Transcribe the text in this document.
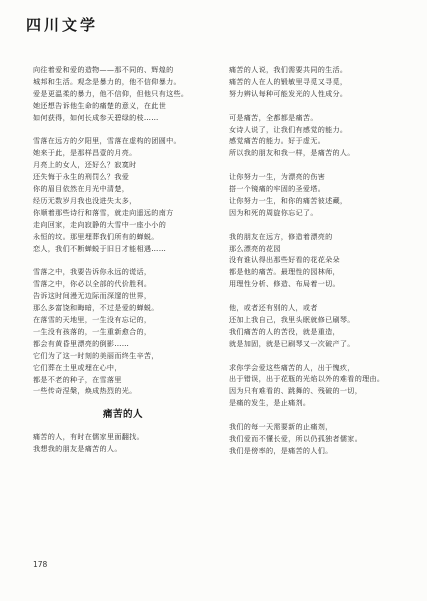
四川文学
向往着爱和爱的造物——那不同的、辉煌的
城邦和生活。观念是暴力的，他不信仰暴力。
爱是更温柔的暴力，他不信仰，但他只有这些。
她还想告诉他生命的痛楚的意义，在此世
如何获得，如何长成参天碧绿的枝……
雪落在远方的夕阳里，雪落在虚构的团圆中。
她来于此，是那样昌壹的月亮。
月亮上的女人，还好么？寂寞时
还失悔于永生的刑罚么？我爱
你的眉目依然在月光中清楚，
经历无数岁月我也没进失太多，
你顺着那些诗行和落雪，就走向遥远的南方
走向回家，走向寂静的大雪中一座小小的
永恒的坟。那里埋葬我们所有的蝉蜕。
恋人，我们不断蝉蜕于旧日才能相遇……
雪落之中，我要告诉你永远的谎话，
雪落之中，你必以全部的代价胜利。
告诉这时间漫无边际而深邃的世界，
那么多富饶和晦暗，不过是爱的蝉蜕。
在落雪的天地里，一生没有忘记的，
一生没有孩落的，一生重新愈合的，
都会有黄昏里漂亮的倒影……
它们为了这一时刻的美丽而终生辛苦，
它们葬在土里或埋在心中，
都是不老的种子，在雪落里
一些传奇涅槃，焕成热烈的光。
痛苦的人
痛苦的人，有时在儒家里面翻找。
我想我的朋友是痛苦的人。
痛苦的人说，我们需要共同的生活。
痛苦的人在人的锻敏里寻觅又寻觅，
努力辨认每种可能发光的人性成分。
可是痛苦，全都都是痛苦。
女诗人说了，让我们有感觉的能力。
感觉痛苦的能力。好于虚无。
所以我的朋友和我一样，是痛苦的人。
让你努力一生，为漂亮的伤害
搭一个镜痛的牢固的圣爱塔。
让你努力一生，和你的痛苦彼述藏，
因为和死的周旋你忘记了。
我的朋友在远方，修造着漂亮的
那么漂亮的花园
没有谁认得出那些好看的花花朵朵
都是他的痛苦。最理性的园林师，
用理性分析、修造、布局着一切。
他，或者还有别的人，或者
还加上我自己，我里头眠就修已刷琴。
我们痛苦的人的苦役，就是重造，
就是加固，就是已刷琴又一次破产了。
求你学会爱这些痛苦的人，出于愧疚，
出于错误，出于花瓶的光焰以外的难看的理由。
因为只有难看的、跳舞的、残破的一切，
是痛的发生，是止痛剂。
我们的每一天需要新的止痛剂，
我们爱而不懂长爱，所以仍孤独者儒家。
我们是傍率的，是痛苦的人们。
178
